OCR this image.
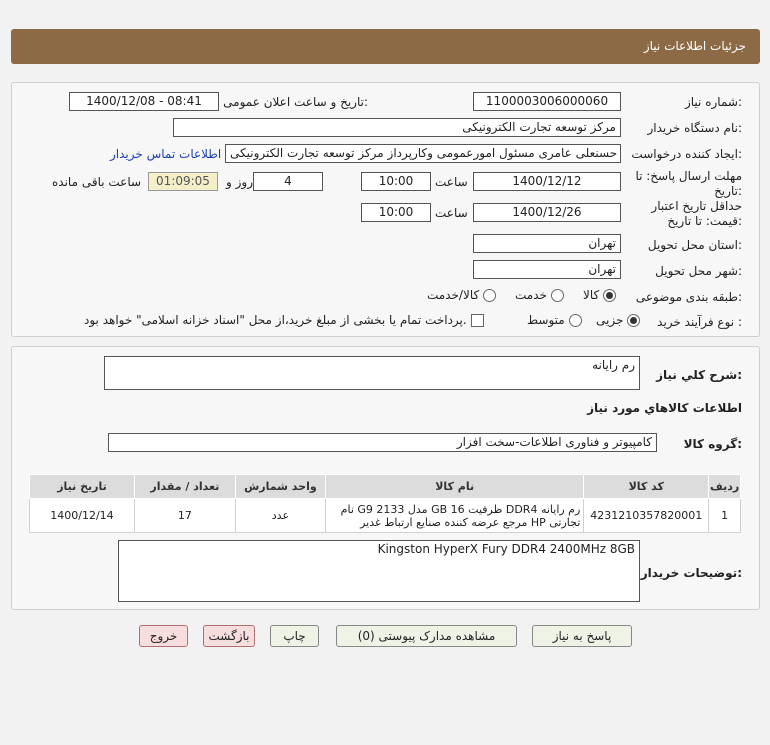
جزئیات اطلاعات نیاز
شماره نیاز:
1100003006000060
تاریخ و ساعت اعلان عمومی:
1400/12/08 - 08:41
نام دستگاه خریدار:
مرکز توسعه تجارت الکترونیکی
ایجاد کننده درخواست:
حسنعلی عامری مسئول امورعمومی وکارپرداز مرکز توسعه تجارت الکترونیکی
اطلاعات تماس خریدار
مهلت ارسال پاسخ: تا تاریخ:
1400/12/12
ساعت
10:00
4
روز و
01:09:05
ساعت باقی مانده
حداقل تاریخ اعتبار قیمت: تا تاریخ:
1400/12/26
ساعت
10:00
استان محل تحویل:
تهران
شهر محل تحویل:
تهران
طبقه بندی موضوعی:
کالا
خدمت
کالا/خدمت
نوع فرآیند خرید :
جزیی
متوسط
پرداخت تمام یا بخشی از مبلغ خرید،از محل "اسناد خزانه اسلامی" خواهد بود.
شرح کلي نياز:
رم رایانه
اطلاعات کالاهاي مورد نياز
گروه کالا:
کامپیوتر و فناوری اطلاعات-سخت افزار
تاریخ نیاز	تعداد / مقدار	واحد شمارش	نام کالا	کد کالا	ردیف
1400/12/14	17	عدد	رم رایانه DDR4 ظرفیت 16 GB مدل 2133 G9 نام تجارتی HP مرجع عرضه کننده صنایع ارتباط غدیر	4231210357820001	1
توضیحات خریدار:
Kingston HyperX Fury DDR4 2400MHz 8GB
پاسخ به نیاز
مشاهده مدارک پیوستی (0)
چاپ
بازگشت
خروج
